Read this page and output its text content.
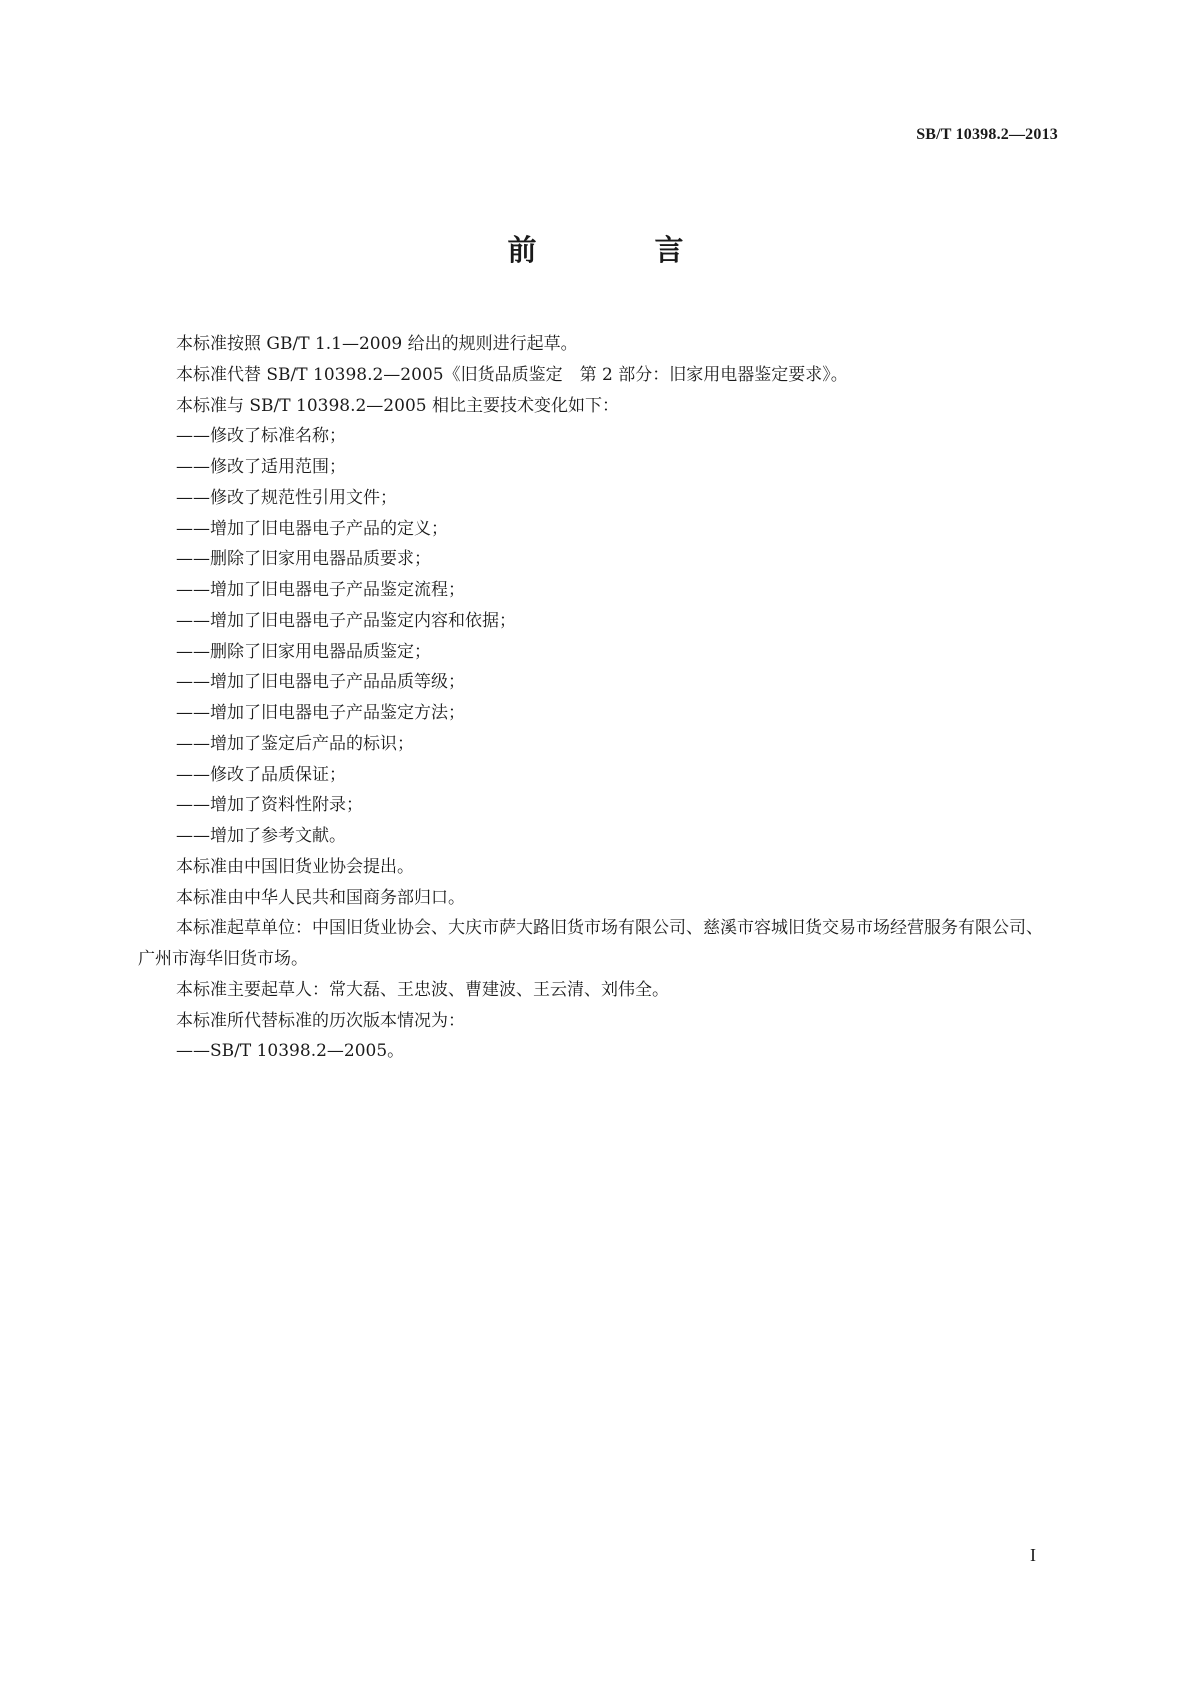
SB/T 10398.2—2013
前 言
本标准按照 GB/T 1.1—2009 给出的规则进行起草。
本标准代替 SB/T 10398.2—2005《旧货品质鉴定　第 2 部分：旧家用电器鉴定要求》。
本标准与 SB/T 10398.2—2005 相比主要技术变化如下：
——修改了标准名称；
——修改了适用范围；
——修改了规范性引用文件；
——增加了旧电器电子产品的定义；
——删除了旧家用电器品质要求；
——增加了旧电器电子产品鉴定流程；
——增加了旧电器电子产品鉴定内容和依据；
——删除了旧家用电器品质鉴定；
——增加了旧电器电子产品品质等级；
——增加了旧电器电子产品鉴定方法；
——增加了鉴定后产品的标识；
——修改了品质保证；
——增加了资料性附录；
——增加了参考文献。
本标准由中国旧货业协会提出。
本标准由中华人民共和国商务部归口。
本标准起草单位：中国旧货业协会、大庆市萨大路旧货市场有限公司、慈溪市容城旧货交易市场经营服务有限公司、广州市海华旧货市场。
本标准主要起草人：常大磊、王忠波、曹建波、王云清、刘伟全。
本标准所代替标准的历次版本情况为：
——SB/T 10398.2—2005。
I
